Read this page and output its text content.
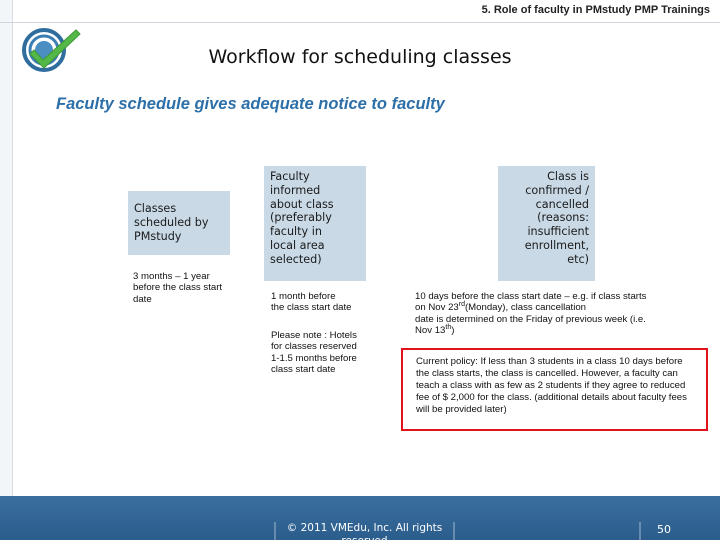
5. Role of faculty in PMstudy PMP Trainings
Workflow for scheduling classes
Faculty schedule gives adequate notice to faculty
Classes
scheduled by
PMstudy
Faculty
informed
about class
(preferably
faculty in
local area
selected)
Class is
confirmed /
cancelled
(reasons:
insufficient
enrollment,
etc)
3 months – 1 year
before the class start
date	1 month before
the class start date
Please note : Hotels
for classes reserved
1-1.5 months before
class start date
10 days before the class start date – e.g. if class starts
on Nov 23rd(Monday), class cancellation
date is determined on the Friday of previous week (i.e.
Nov 13th)
Current policy: If less than 3 students in a class 10 days before the class starts, the class is cancelled. However, a faculty can teach a class with as few as 2 students if they agree to reduced fee of $ 2,000 for the class. (additional details about faculty fees will be provided later)
© 2011 VMEdu, Inc. All rights reserved
50
